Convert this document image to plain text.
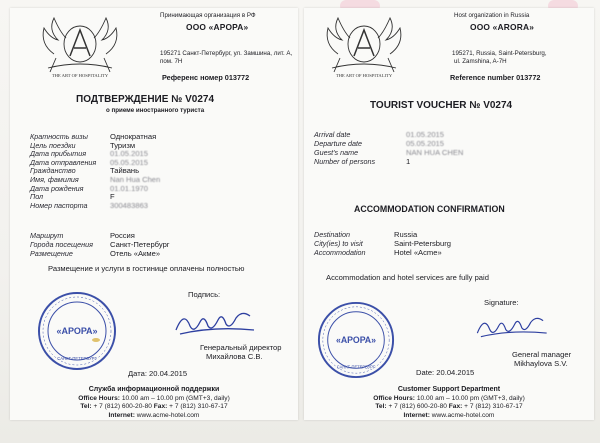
THE ART OF HOSPITALITY
Принимающая организация в РФ
ООО «АРОРА»
195271 Санкт-Петербург, ул. Замшина, лит. А,
пом. 7Н
Референс номер 013772
ПОДТВЕРЖДЕНИЕ № V0274
о приеме иностранного туриста
Кратность визы	Однократная
Цель поездки	Туризм
Дата прибытия	01.05.2015
Дата отправления 05.05.2015
Гражданство	Тайвань
Имя, фамилия	Nan Hua Chen
Дата рождения	01.01.1970
Пол	F
Номер паспорта	300483863
Маршрут	Россия
Города посещения Санкт-Петербург
Размещение	Отель «Акме»
Размещение и услуги в гостинице оплачены полностью
Подпись:
«АРОРА»
САНКТ-ПЕТЕРБУРГ
Генеральный директор
Михайлова С.В.
Дата: 20.04.2015
Служба информационной поддержки
Office Hours: 10.00 am – 10.00 pm (GMT+3, daily)
Tel: + 7 (812) 600-20-80 Fax: + 7 (812) 310-67-17
Internet: www.acme-hotel.com
THE ART OF HOSPITALITY
Host organization in Russia
OOO «ARORA»
195271, Russia, Saint-Petersburg,
ul. Zamshina, A-7H
Reference number 013772
TOURIST VOUCHER № V0274
Arrival date	01.05.2015
Departure date	05.05.2015
Guest's name	NAN HUA CHEN
Number of persons	1
ACCOMMODATION CONFIRMATION
Destination	Russia
City(ies) to visit	Saint-Petersburg
Accommodation	Hotel «Acme»
Accommodation and hotel services are fully paid
Signature:
«АРОРА»
САНКТ-ПЕТЕРБУРГ
General manager
Mikhaylova S.V.
Date: 20.04.2015
Customer Support Department
Office Hours: 10.00 am – 10.00 pm (GMT+3, daily)
Tel: + 7 (812) 600-20-80 Fax: + 7 (812) 310-67-17
Internet: www.acme-hotel.com
